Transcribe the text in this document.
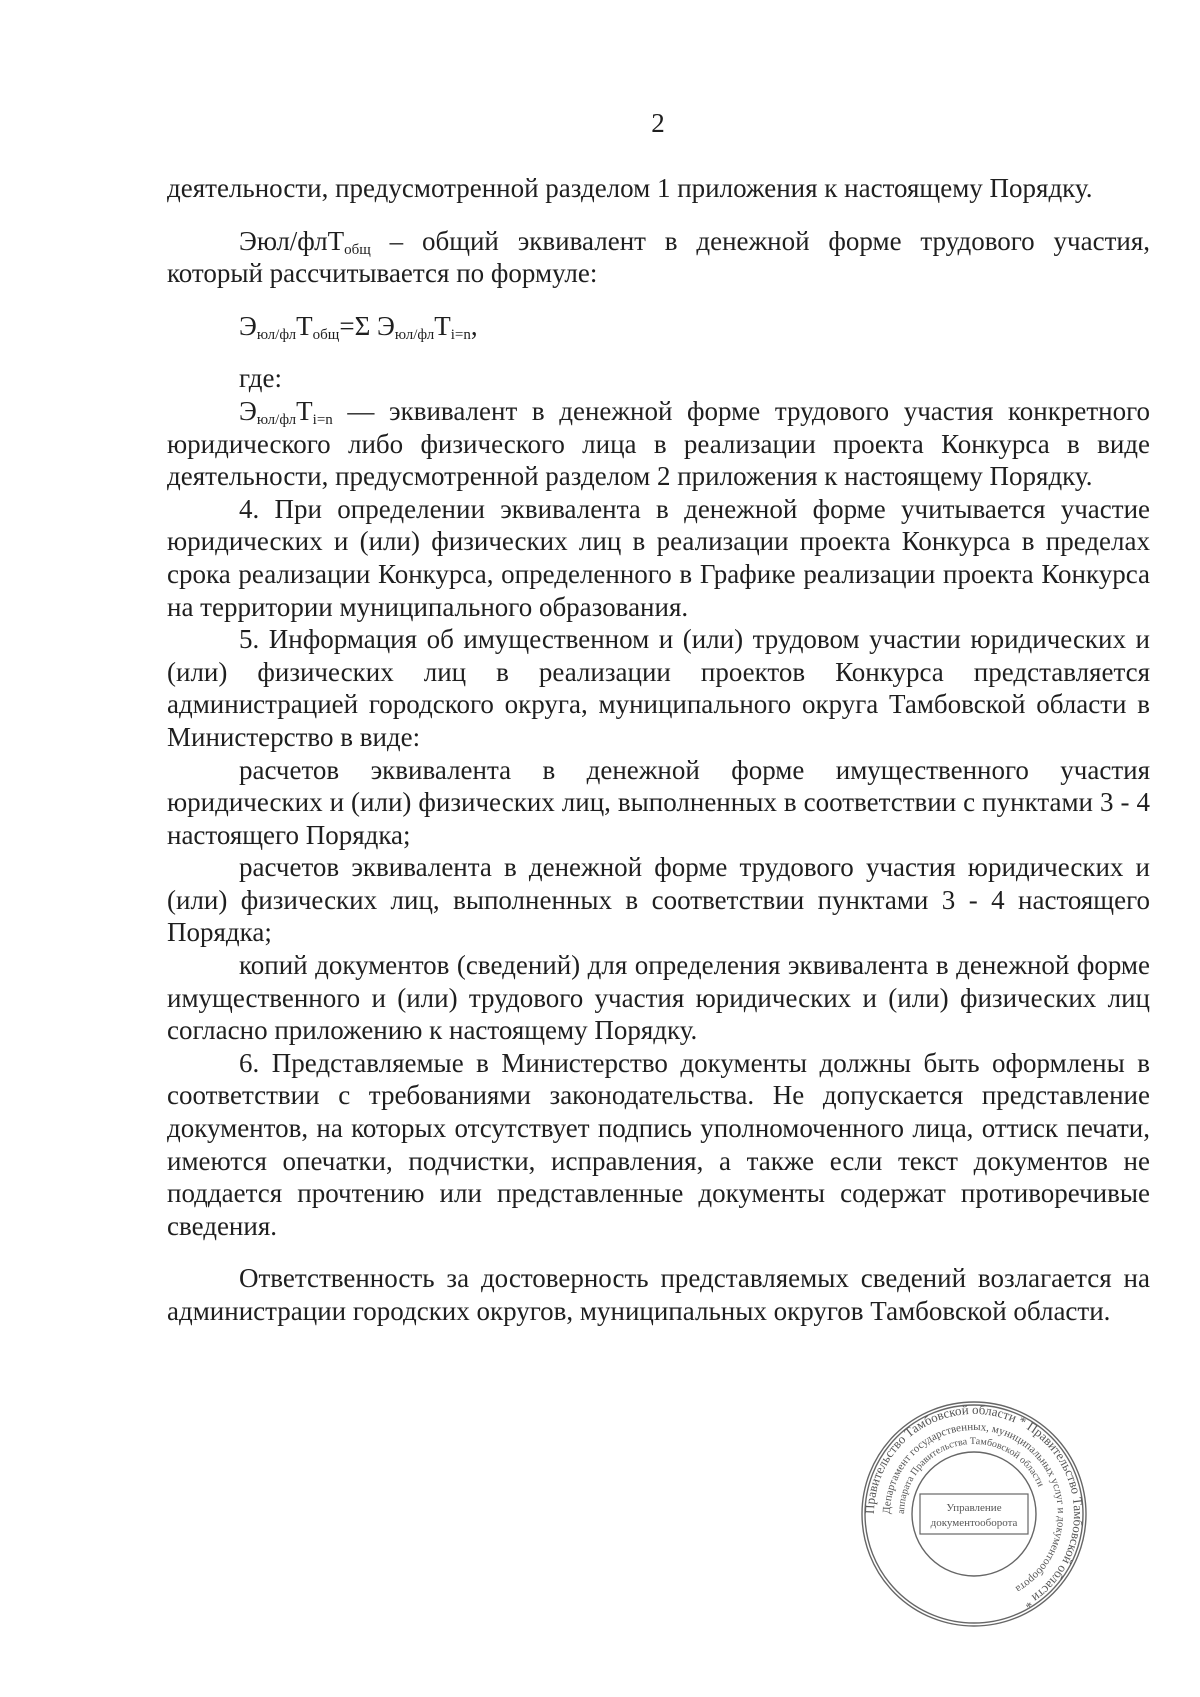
2

деятельности, предусмотренной разделом 1 приложения к настоящему Порядку.

Эюл/флТ$_{общ}$ – общий эквивалент в денежной форме трудового участия, который рассчитывается по формуле:

$Э_{юл/фл}Т_{общ}=\Sigma$ $Э_{юл/фл}Т_{i=n}$,

где:

$Э_{юл/фл}Т_{i=n}$ — эквивалент в денежной форме трудового участия конкретного юридического либо физического лица в реализации проекта Конкурса в виде деятельности, предусмотренной разделом 2 приложения к настоящему Порядку.

4. При определении эквивалента в денежной форме учитывается участие юридических и (или) физических лиц в реализации проекта Конкурса в пределах срока реализации Конкурса, определенного в Графике реализации проекта Конкурса на территории муниципального образования.

5. Информация об имущественном и (или) трудовом участии юридических и (или) физических лиц в реализации проектов Конкурса представляется администрацией городского округа, муниципального округа Тамбовской области в Министерство в виде:

расчетов эквивалента в денежной форме имущественного участия юридических и (или) физических лиц, выполненных в соответствии с пунктами 3 - 4 настоящего Порядка;

расчетов эквивалента в денежной форме трудового участия юридических и (или) физических лиц, выполненных в соответствии пунктами 3 - 4 настоящего Порядка;

копий документов (сведений) для определения эквивалента в денежной форме имущественного и (или) трудового участия юридических и (или) физических лиц согласно приложению к настоящему Порядку.

6. Представляемые в Министерство документы должны быть оформлены в соответствии с требованиями законодательства. Не допускается представление документов, на которых отсутствует подпись уполномоченного лица, оттиск печати, имеются опечатки, подчистки, исправления, а также если текст документов не поддается прочтению или представленные документы содержат противоречивые сведения.

Ответственность за достоверность представляемых сведений возлагается на администрации городских округов, муниципальных округов Тамбовской области.

Правительство Тамбовской области * Правительство Тамбовской области *
Департамент государственных, муниципальных услуг и документооборота
аппарата Правительства Тамбовской области
Управление
документооборота
